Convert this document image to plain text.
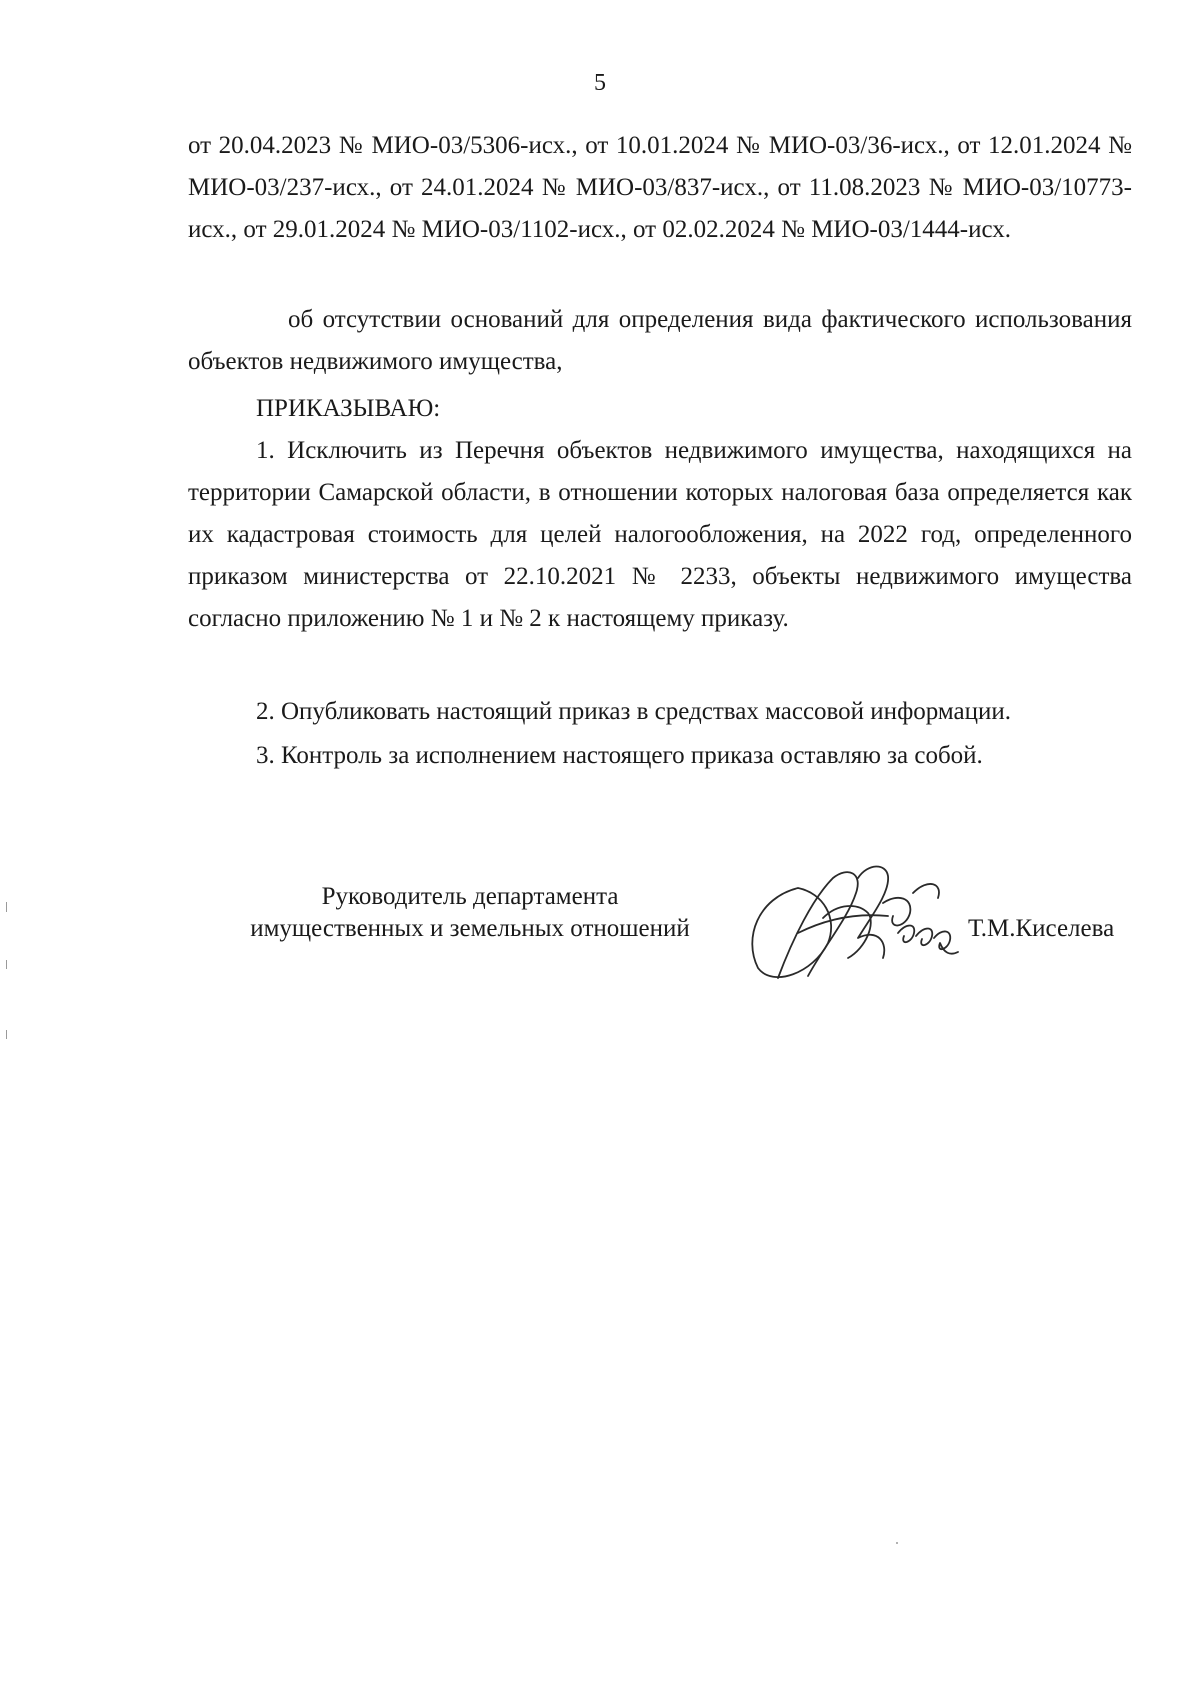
5

от 20.04.2023 № МИО-03/5306-исх., от 10.01.2024 № МИО-03/36-исх., от 12.01.2024 № МИО-03/237-исх., от 24.01.2024 № МИО-03/837-исх., от 11.08.2023 № МИО-03/10773-исх., от 29.01.2024 № МИО-03/1102-исх., от 02.02.2024 № МИО-03/1444-исх.

об отсутствии оснований для определения вида фактического использования объектов недвижимого имущества,

ПРИКАЗЫВАЮ:

1. Исключить из Перечня объектов недвижимого имущества, находящихся на территории Самарской области, в отношении которых налоговая база определяется как их кадастровая стоимость для целей налогообложения, на 2022 год, определенного приказом министерства от 22.10.2021 № 2233, объекты недвижимого имущества согласно приложению № 1 и № 2 к настоящему приказу.

2. Опубликовать настоящий приказ в средствах массовой информации.

3. Контроль за исполнением настоящего приказа оставляю за собой.

Руководитель департамента
имущественных и земельных отношений	Т.М.Киселева
